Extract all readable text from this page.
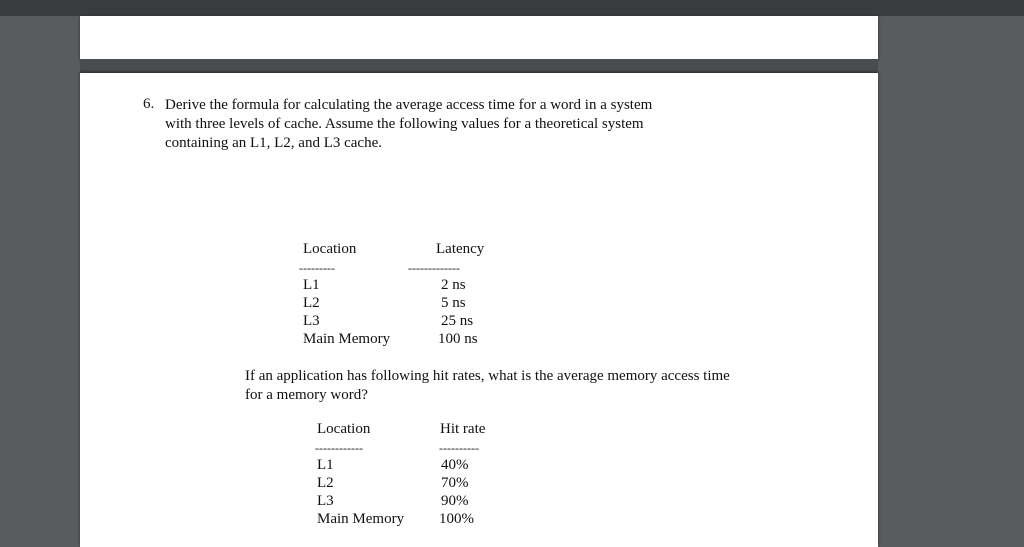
6. Derive the formula for calculating the average access time for a word in a system

with three levels of cache. Assume the following values for a theoretical system

containing an L1, L2, and L3 cache.

Location	Latency
---------	-------------
L1	2 ns
L2	5 ns
L3	25 ns
Main Memory	100 ns

If an application has following hit rates, what is the average memory access time

for a memory word?

Location	Hit rate
------------	----------
L1	40%
L2	70%
L3	90%
Main Memory 100%
